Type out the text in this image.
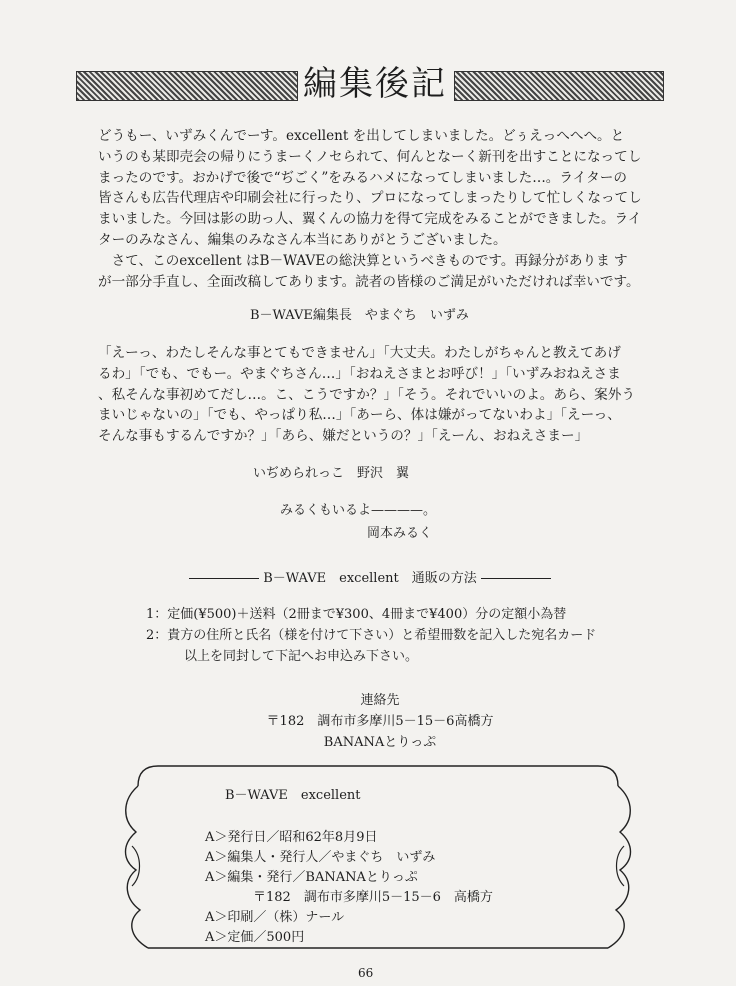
編集後記
どうもー、いずみくんでーす。excellent を出してしまいました。どぅえっへへへ。と
いうのも某即売会の帰りにうまーくノセられて、何んとなーく新刊を出すことになってし
まったのです。おかげで後で“ぢごく”をみるハメになってしまいました…。ライターの
皆さんも広告代理店や印刷会社に行ったり、プロになってしまったりして忙しくなってし
まいました。今回は影の助っ人、翼くんの協力を得て完成をみることができました。ライ
ターのみなさん、編集のみなさん本当にありがとうございました。
　さて、このexcellent はB－WAVEの総決算というべきものです。再録分がありま す
が一部分手直し、全面改稿してあります。読者の皆様のご満足がいただければ幸いです。
B－WAVE編集長　やまぐち　いずみ
「えーっ、わたしそんな事とてもできません」「大丈夫。わたしがちゃんと教えてあげ
るわ」「でも、でもー。やまぐちさん…」「おねえさまとお呼び！」「いずみおねえさま
、私そんな事初めてだし…。こ、こうですか？」「そう。それでいいのよ。あら、案外う
まいじゃないの」「でも、やっぱり私…」「あーら、体は嫌がってないわよ」「えーっ、
そんな事もするんですか？」「あら、嫌だというの？」「えーん、おねえさまー」
いぢめられっこ　野沢　翼
みるくもいるよ————。
岡本みるく
B－WAVE　excellent　通販の方法
1：定価(¥500)＋送料（2冊まで¥300、4冊まで¥400）分の定額小為替
2：貴方の住所と氏名（様を付けて下さい）と希望冊数を記入した宛名カード
　　以上を同封して下記へお申込み下さい。
連絡先
〒182　調布市多摩川5－15－6高橋方
BANANAとりっぷ
B－WAVE　excellent
A＞発行日／昭和62年8月9日
A＞編集人・発行人／やまぐち　いずみ
A＞編集・発行／BANANAとりっぷ
　　〒182　調布市多摩川5－15－6　高橋方
A＞印刷／（株）ナール
A＞定価／500円
66
